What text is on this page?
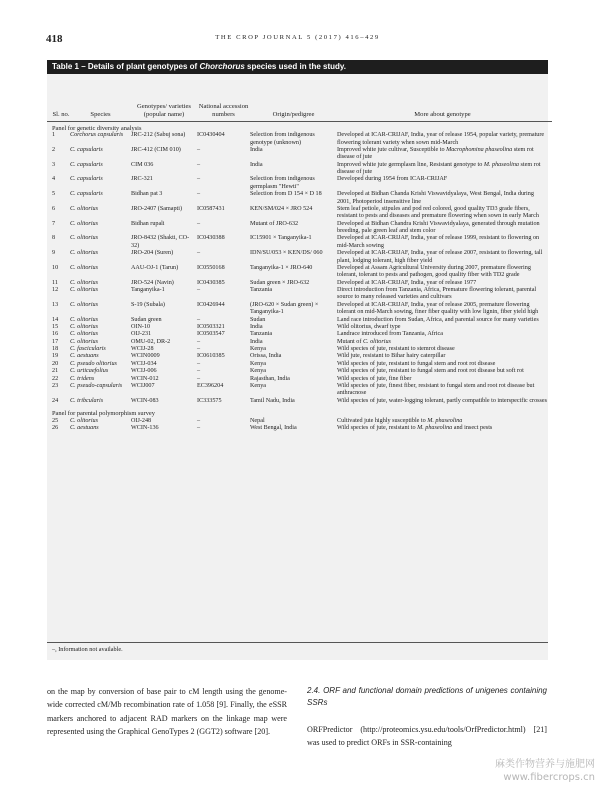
418	THE CROP JOURNAL 5 (2017) 416–429
Table 1 – Details of plant genotypes of Chorchorus species used in the study.
Sl. no.	Species	Genotypes/ varieties (popular name)	National accession numbers	Origin/pedigree	More about genotype
Panel for genetic diversity analysis					
1	Corchorus capsularis	JRC-212 (Sabuj sona)	IC0430404	Selection from indigenous genotype (unknown)	Developed at ICAR-CRIJAF, India, year of release 1954, popular variety, premature flowering tolerant variety when sown mid-March
2	C. capsularis	JRC-412 (CIM 010)	–	India	Improved white jute cultivar, Susceptible to Macrophomina phaseolina stem rot disease of jute
3	C. capsularis	CIM 036	–	India	Improved white jute germplasm line, Resistant genotype to M. phaseolina stem rot disease of jute
4	C. capsularis	JRC-321	–	Selection from indigenous germplasm "Hewti"	Developed during 1954 from ICAR-CRIJAF
5	C. capsularis	Bidhan pat 3	–	Selection from D 154 × D 18	Developed at Bidhan Chanda Krishi Viswavidyalaya, West Bengal, India during 2001, Photoperiod insensitive line
6	C. olitorius	JRO-2407 (Samapti)	IC0587431	KEN/SM/024 × JRO 524	Stem leaf petiole, stipules and pod red colored, good quality TD3 grade fibers, resistant to pests and diseases and premature flowering when sown in early March
7	C. olitorius	Bidhan rupali	–	Mutant of JRO-632	Developed at Bidhan Chandra Krishi Viswavidyalaya, generated through mutation breeding, pale green leaf and stem color
8	C. olitorius	JRO-8432 (Shakti, CO-32)	IC0430388	IC15901 × Tanganyika-1	Developed at ICAR-CRIJAF, India, year of release 1999, resistant to flowering on mid-March sowing
9	C. olitorius	JRO-204 (Suren)	–	IDN/SU/053 × KEN/DS/ 060	Developed at ICAR-CRIJAF, India, year of release 2007, resistant to flowering, tall plant, lodging tolerant, high fiber yield
10	C. olitorius	AAU-OJ-1 (Tarun)	IC0550168	Tanganyika-1 × JRO-640	Developed at Assam Agricultural University during 2007, premature flowering tolerant, tolerant to pests and pathogen, good quality fiber with TD2 grade
11	C. olitorius	JRO-524 (Navin)	IC0430385	Sudan green × JRO-632	Developed at ICAR-CRIJAF, India, year of release 1977
12	C. olitorius	Tanganyika-1	–	Tanzania	Direct introduction from Tanzania, Africa, Premature flowering tolerant, parental source to many released varieties and cultivars
13	C. olitorius	S-19 (Subala)	IC0426944	(JRO-620 × Sudan green) × Tanganyika-1	Developed at ICAR-CRIJAF, India, year of release 2005, premature flowering tolerant on mid-March sowing, finer fiber quality with low lignin, fiber yield high
14	C. olitorius	Sudan green	–	Sudan	Land race introduction from Sudan, Africa, and parental source for many varieties
15	C. olitorius	OIN-10	IC0503321	India	Wild olitorius, dwarf type
16	C. olitorius	OIJ-231	IC0503547	Tanzania	Landrace introduced from Tanzania, Africa
17	C. olitorius	OMU-02, DR-2	–	India	Mutant of C. olitorius
18	C. fascicularis	WCIJ-28	–	Kenya	Wild species of jute, resistant to stemrot disease
19	C. aestuans	WCIN0009	IC0610385	Orissa, India	Wild jute, resistant to Bihar hairy caterpillar
20	C. pseudo olitorius	WCIJ-034	–	Kenya	Wild species of jute, resistant to fungal stem and root rot disease
21	C. urticaefolius	WCIJ-006	–	Kenya	Wild species of jute, resistant to fungal stem and root rot disease but soft rot
22	C. tridens	WCIN-012	–	Rajasthan, India	Wild species of jute, fine fiber
23	C. pseudo-capsularis	WCIJ007	EC396204	Kenya	Wild species of jute, finest fiber, resistant to fungal stem and root rot disease but anthracnose
24	C. tribcularis	WCIN-083	IC333575	Tamil Nadu, India	Wild species of jute, water-logging tolerant, partly compatible to interspecific crosses
Panel for parental polymorphism survey					
25	C. olitorius	OIJ-248	–	Nepal	Cultivated jute highly susceptible to M. phaseolina
26	C. aestuans	WCIN-136	–	West Bengal, India	Wild species of jute, resistant to M. phaseolina and insect pests
–, Information not available.
on the map by conversion of base pair to cM length using the genome-wide corrected cM/Mb recombination rate of 1.058 [9]. Finally, the eSSR markers anchored to adjacent RAD markers on the linkage map were represented using the Graphical GenoTypes 2 (GGT2) software [20].
2.4. ORF and functional domain predictions of unigenes containing SSRs
ORFPredictor (http://proteomics.ysu.edu/tools/OrfPredictor.html) [21] was used to predict ORFs in SSR-containing
麻类作物营养与施肥网
www.fibercrops.cn
